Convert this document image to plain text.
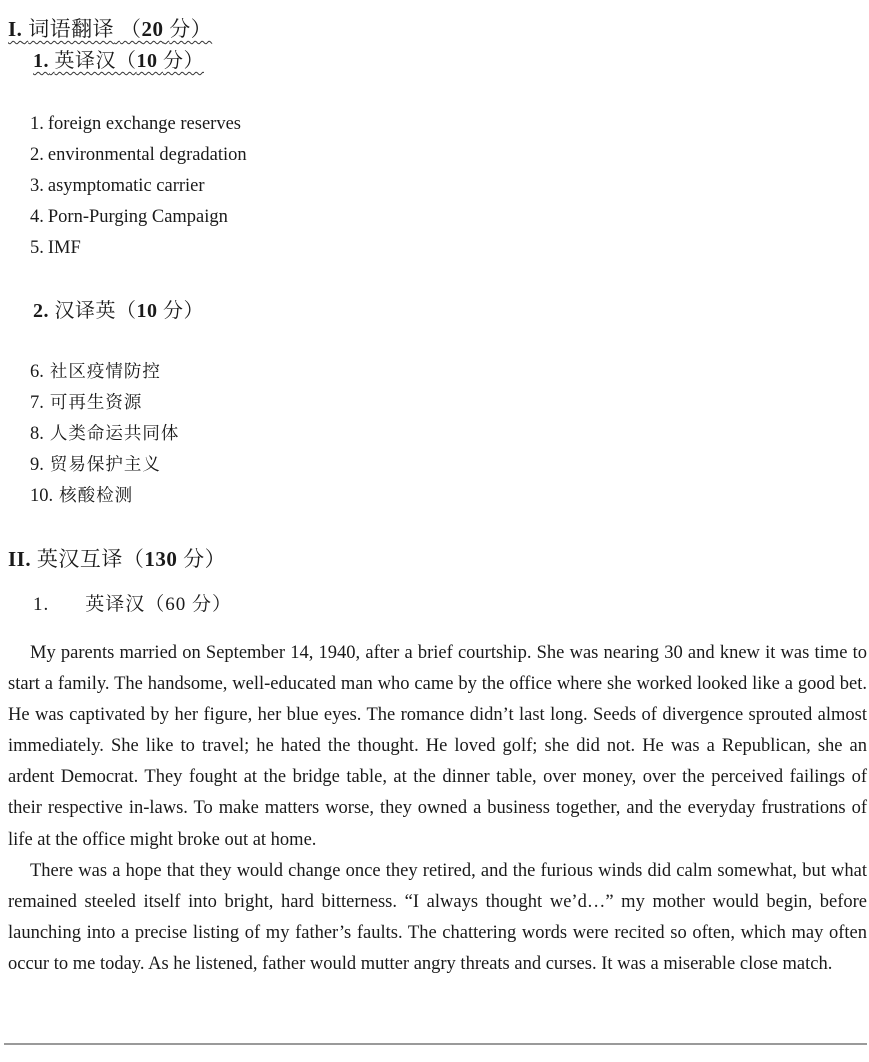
I. 词语翻译 （20 分）
1. 英译汉（10 分）
1. foreign exchange reserves
2. environmental degradation
3. asymptomatic carrier
4. Porn-Purging Campaign
5. IMF
2. 汉译英（10 分）
6. 社区疫情防控
7. 可再生资源
8. 人类命运共同体
9. 贸易保护主义
10. 核酸检测
II. 英汉互译（130 分）
1. 英译汉（60 分）

My parents married on September 14, 1940, after a brief courtship. She was nearing 30 and knew it was time to start a family. The handsome, well-educated man who came by the office where she worked looked like a good bet. He was captivated by her figure, her blue eyes. The romance didn’t last long. Seeds of divergence sprouted almost immediately. She like to travel; he hated the thought. He loved golf; she did not. He was a Republican, she an ardent Democrat. They fought at the bridge table, at the dinner table, over money, over the perceived failings of their respective in-laws. To make matters worse, they owned a business together, and the everyday frustrations of life at the office might broke out at home.

There was a hope that they would change once they retired, and the furious winds did calm somewhat, but what remained steeled itself into bright, hard bitterness. “I always thought we’d…” my mother would begin, before launching into a precise listing of my father’s faults. The chattering words were recited so often, which may often occur to me today. As he listened, father would mutter angry threats and curses. It was a miserable close match.
